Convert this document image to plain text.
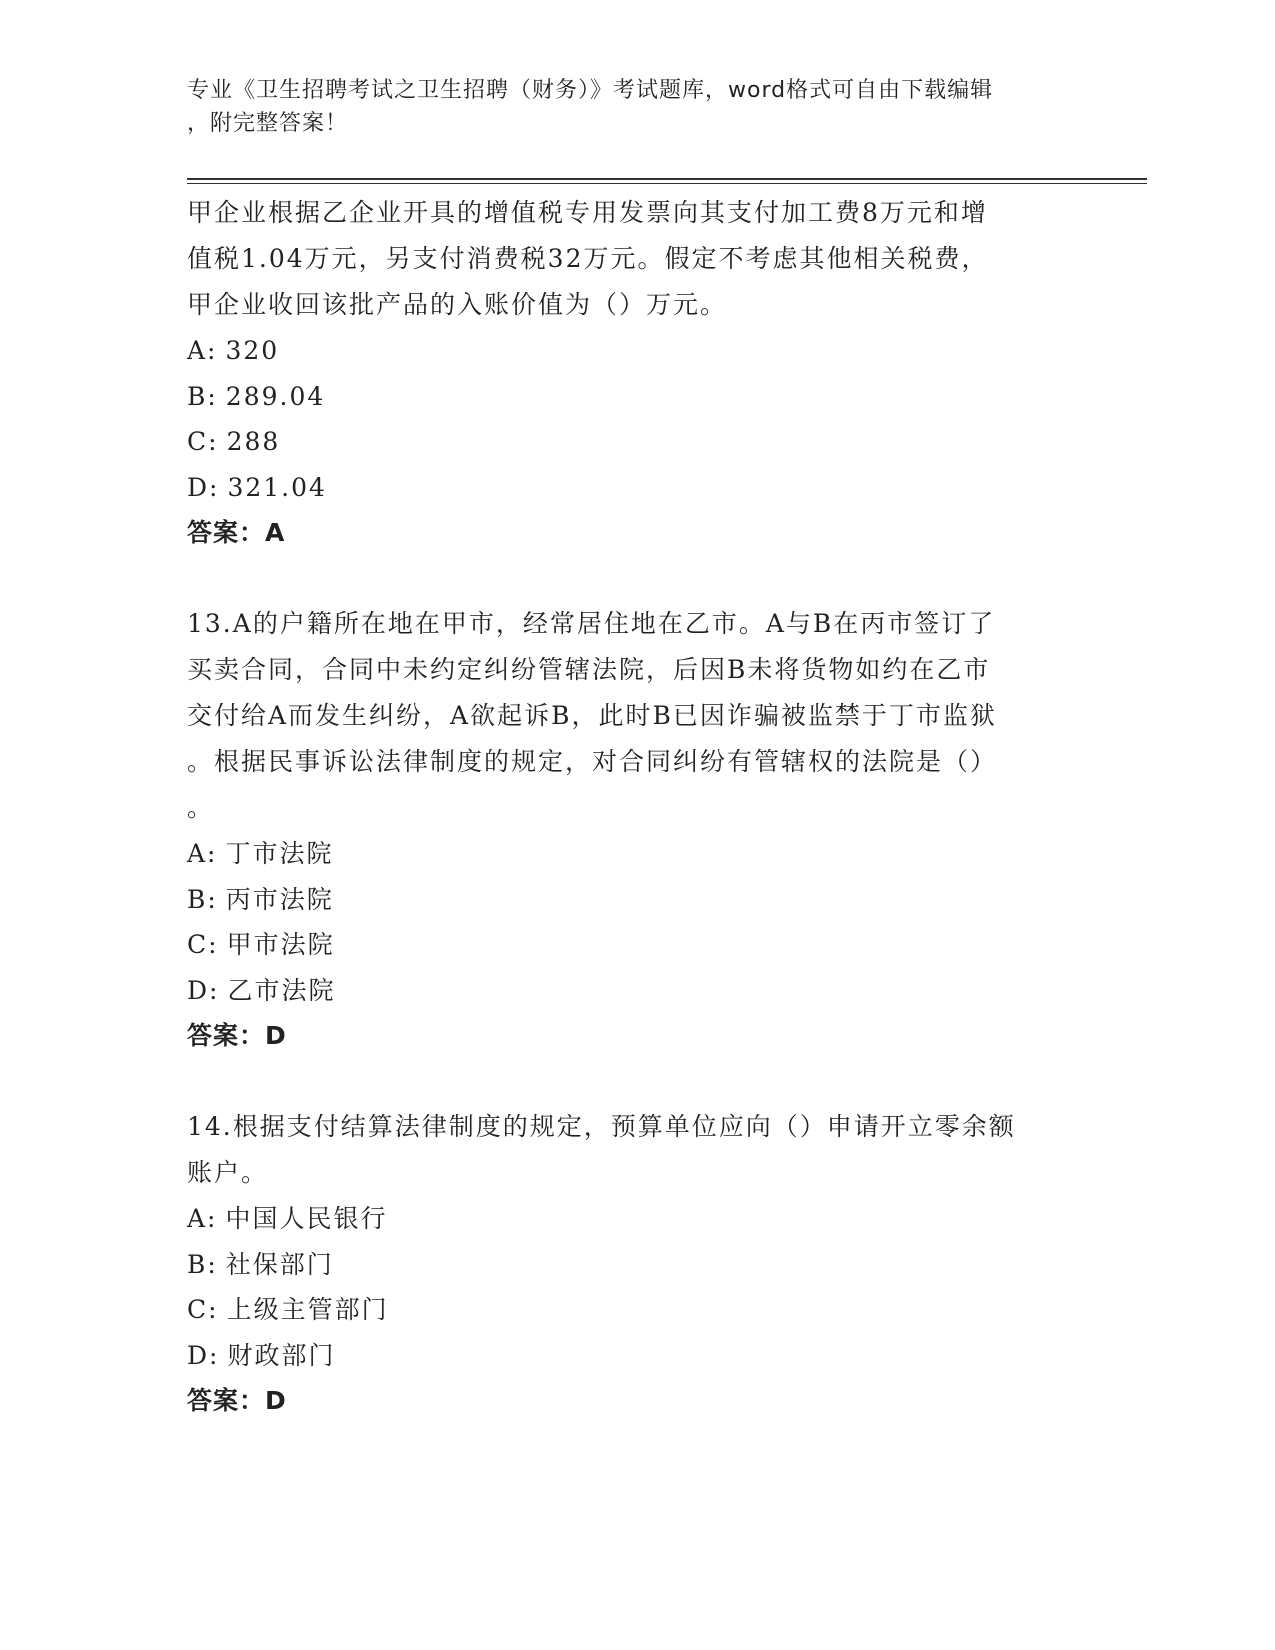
专业《卫生招聘考试之卫生招聘（财务）》考试题库，word格式可自由下载编辑
，附完整答案！

甲企业根据乙企业开具的增值税专用发票向其支付加工费8万元和增

值税1.04万元，另支付消费税32万元。假定不考虑其他相关税费，

甲企业收回该批产品的入账价值为（）万元。

A: 320

B: 289.04

C: 288

D: 321.04

答案：A

13.A的户籍所在地在甲市，经常居住地在乙市。A与B在丙市签订了

买卖合同，合同中未约定纠纷管辖法院，后因B未将货物如约在乙市

交付给A而发生纠纷，A欲起诉B，此时B已因诈骗被监禁于丁市监狱

。根据民事诉讼法律制度的规定，对合同纠纷有管辖权的法院是（）

。

A: 丁市法院

B: 丙市法院

C: 甲市法院

D: 乙市法院

答案：D

14.根据支付结算法律制度的规定，预算单位应向（）申请开立零余额

账户。

A: 中国人民银行

B: 社保部门

C: 上级主管部门

D: 财政部门

答案：D
